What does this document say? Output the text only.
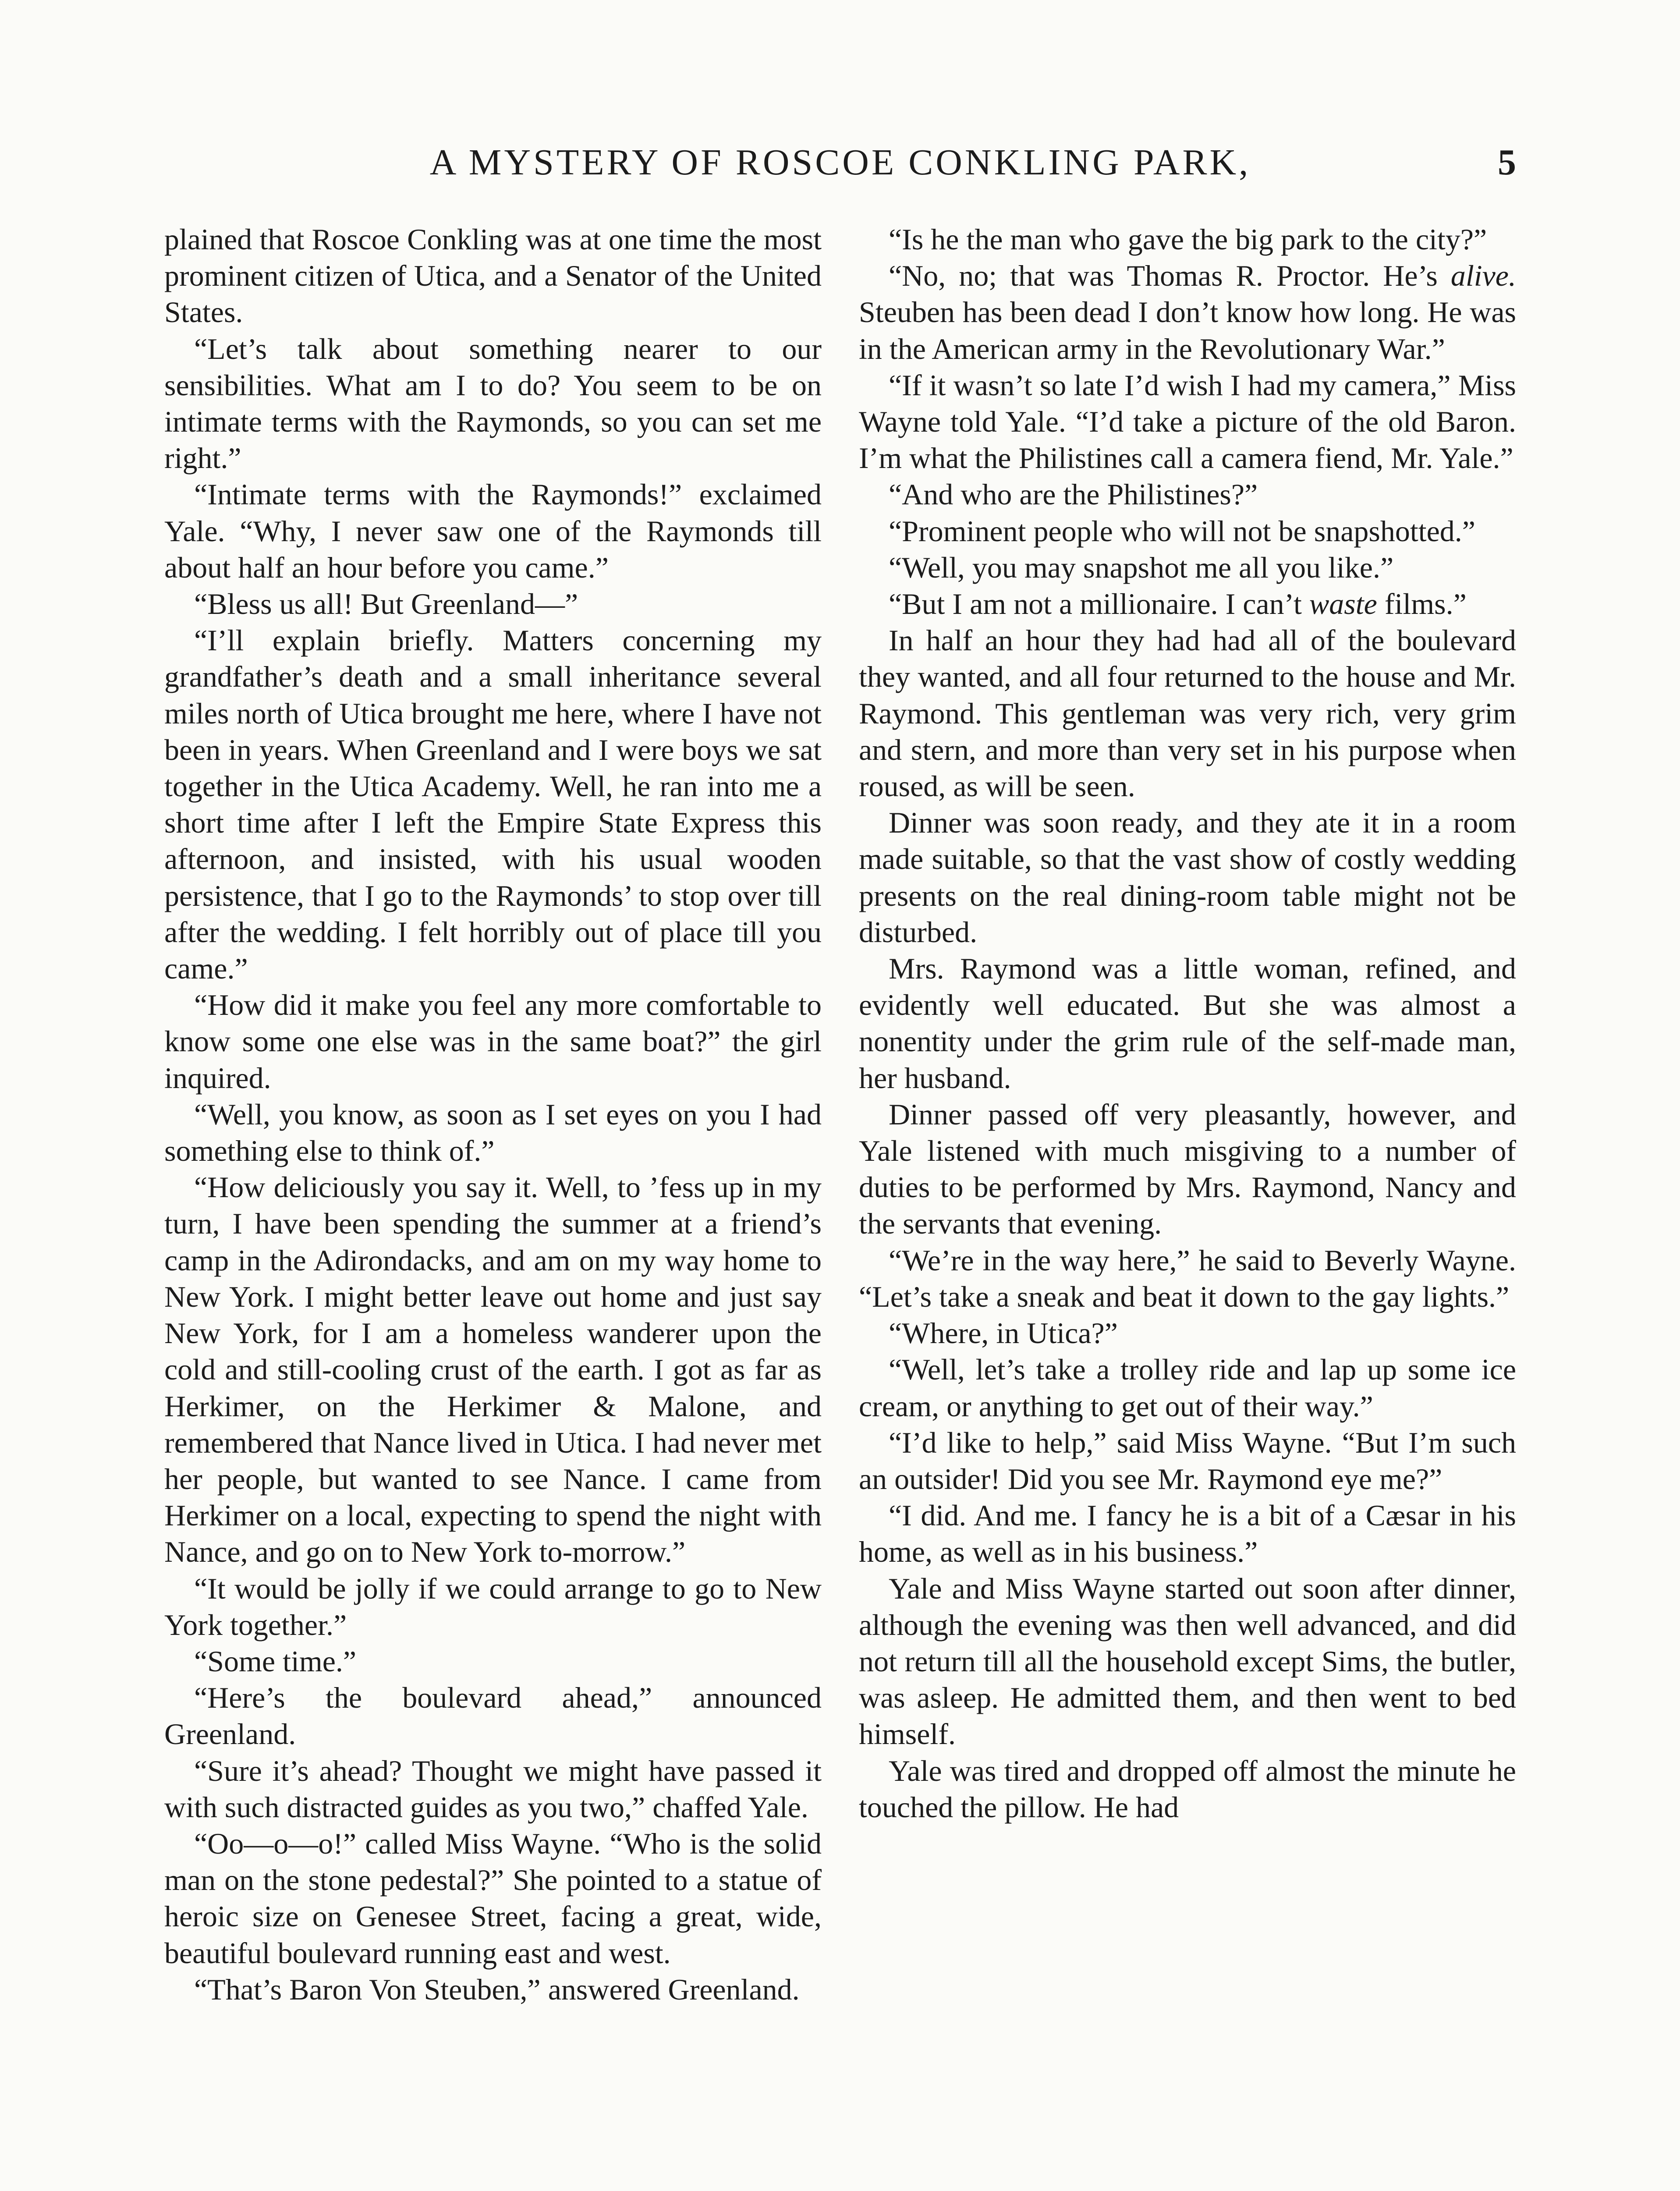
A MYSTERY OF ROSCOE CONKLING PARK,	5

plained that Roscoe Conkling was at one time the most prominent citizen of Utica, and a Senator of the United States.

“Let’s talk about something nearer to our sensibilities. What am I to do? You seem to be on intimate terms with the Raymonds, so you can set me right.”

“Intimate terms with the Raymonds!” exclaimed Yale. “Why, I never saw one of the Raymonds till about half an hour before you came.”

“Bless us all! But Greenland—”

“I’ll explain briefly. Matters concerning my grandfather’s death and a small inheritance several miles north of Utica brought me here, where I have not been in years. When Greenland and I were boys we sat together in the Utica Academy. Well, he ran into me a short time after I left the Empire State Express this afternoon, and insisted, with his usual wooden persistence, that I go to the Raymonds’ to stop over till after the wedding. I felt horribly out of place till you came.”

“How did it make you feel any more comfortable to know some one else was in the same boat?” the girl inquired.

“Well, you know, as soon as I set eyes on you I had something else to think of.”

“How deliciously you say it. Well, to ’fess up in my turn, I have been spending the summer at a friend’s camp in the Adirondacks, and am on my way home to New York. I might better leave out home and just say New York, for I am a homeless wanderer upon the cold and still-cooling crust of the earth. I got as far as Herkimer, on the Herkimer & Malone, and remembered that Nance lived in Utica. I had never met her people, but wanted to see Nance. I came from Herkimer on a local, expecting to spend the night with Nance, and go on to New York to-morrow.”

“It would be jolly if we could arrange to go to New York together.”

“Some time.”

“Here’s the boulevard ahead,” announced Greenland.

“Sure it’s ahead? Thought we might have passed it with such distracted guides as you two,” chaffed Yale.

“Oo—o—o!” called Miss Wayne. “Who is the solid man on the stone pedestal?” She pointed to a statue of heroic size on Genesee Street, facing a great, wide, beautiful boulevard running east and west.

“That’s Baron Von Steuben,” answered Greenland.

“Is he the man who gave the big park to the city?”

“No, no; that was Thomas R. Proctor. He’s alive. Steuben has been dead I don’t know how long. He was in the American army in the Revolutionary War.”

“If it wasn’t so late I’d wish I had my camera,” Miss Wayne told Yale. “I’d take a picture of the old Baron. I’m what the Philistines call a camera fiend, Mr. Yale.”

“And who are the Philistines?”

“Prominent people who will not be snapshotted.”

“Well, you may snapshot me all you like.”

“But I am not a millionaire. I can’t waste films.”

In half an hour they had had all of the boulevard they wanted, and all four returned to the house and Mr. Raymond. This gentleman was very rich, very grim and stern, and more than very set in his purpose when roused, as will be seen.

Dinner was soon ready, and they ate it in a room made suitable, so that the vast show of costly wedding presents on the real dining-room table might not be disturbed.

Mrs. Raymond was a little woman, refined, and evidently well educated. But she was almost a nonentity under the grim rule of the self-made man, her husband.

Dinner passed off very pleasantly, however, and Yale listened with much misgiving to a number of duties to be performed by Mrs. Raymond, Nancy and the servants that evening.

“We’re in the way here,” he said to Beverly Wayne. “Let’s take a sneak and beat it down to the gay lights.”

“Where, in Utica?”

“Well, let’s take a trolley ride and lap up some ice cream, or anything to get out of their way.”

“I’d like to help,” said Miss Wayne. “But I’m such an outsider! Did you see Mr. Raymond eye me?”

“I did. And me. I fancy he is a bit of a Cæsar in his home, as well as in his business.”

Yale and Miss Wayne started out soon after dinner, although the evening was then well advanced, and did not return till all the household except Sims, the butler, was asleep. He admitted them, and then went to bed himself.

Yale was tired and dropped off almost the minute he touched the pillow. He had
